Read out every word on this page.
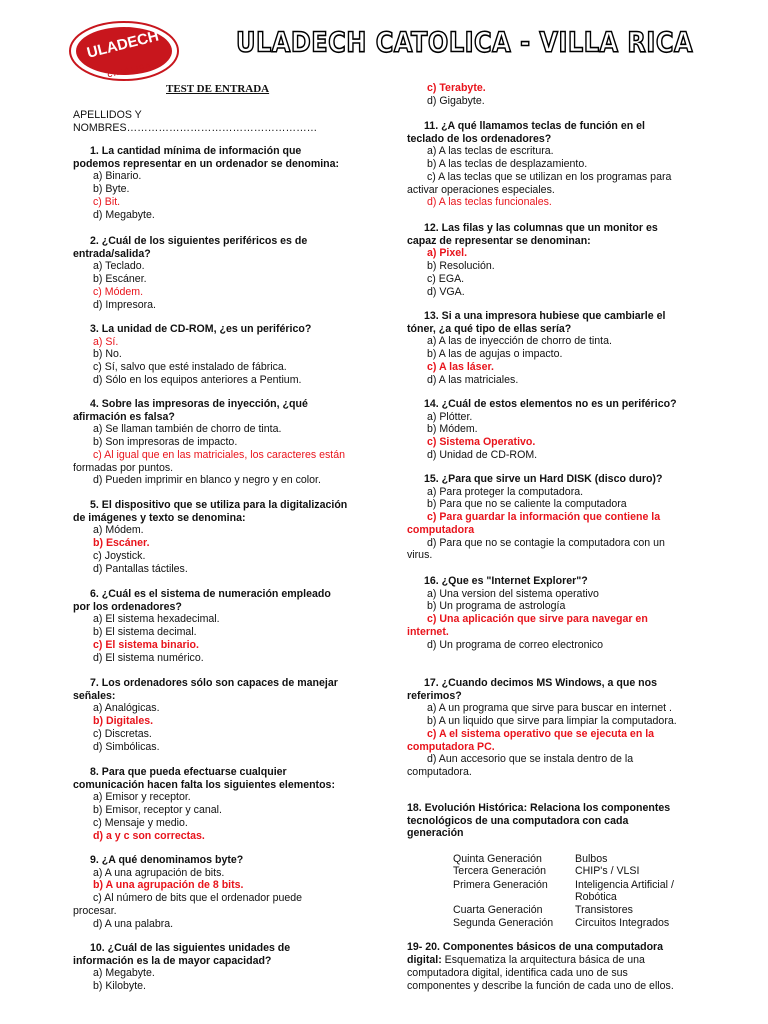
ULADECH
CATÓLICA
ULADECH CATOLICA - VILLA RICA
TEST DE ENTRADA
APELLIDOS Y
NOMBRES………………………………………………
1. La cantidad mínima de información que
podemos representar en un ordenador se denomina:
a) Binario.
b) Byte.
c) Bit.
d) Megabyte.
2. ¿Cuál de los siguientes periféricos es de
entrada/salida?
a) Teclado.
b) Escáner.
c) Módem.
d) Impresora.
3. La unidad de CD-ROM, ¿es un periférico?
a) Sí.
b) No.
c) Sí, salvo que esté instalado de fábrica.
d) Sólo en los equipos anteriores a Pentium.
4. Sobre las impresoras de inyección, ¿qué
afirmación es falsa?
a) Se llaman también de chorro de tinta.
b) Son impresoras de impacto.
c) Al igual que en las matriciales, los caracteres están
formadas por puntos.
d) Pueden imprimir en blanco y negro y en color.
5. El dispositivo que se utiliza para la digitalización
de imágenes y texto se denomina:
a) Módem.
b) Escáner.
c) Joystick.
d) Pantallas táctiles.
6. ¿Cuál es el sistema de numeración empleado
por los ordenadores?
a) El sistema hexadecimal.
b) El sistema decimal.
c) El sistema binario.
d) El sistema numérico.
7. Los ordenadores sólo son capaces de manejar
señales:
a) Analógicas.
b) Digitales.
c) Discretas.
d) Simbólicas.
8. Para que pueda efectuarse cualquier
comunicación hacen falta los siguientes elementos:
a) Emisor y receptor.
b) Emisor, receptor y canal.
c) Mensaje y medio.
d) a y c son correctas.
9. ¿A qué denominamos byte?
a) A una agrupación de bits.
b) A una agrupación de 8 bits.
c) Al número de bits que el ordenador puede
procesar.
d) A una palabra.
10. ¿Cuál de las siguientes unidades de
información es la de mayor capacidad?
a) Megabyte.
b) Kilobyte.
c) Terabyte.
d) Gigabyte.
11. ¿A qué llamamos teclas de función en el
teclado de los ordenadores?
a) A las teclas de escritura.
b) A las teclas de desplazamiento.
c) A las teclas que se utilizan en los programas para
activar operaciones especiales.
d) A las teclas funcionales.
12. Las filas y las columnas que un monitor es
capaz de representar se denominan:
a) Pixel.
b) Resolución.
c) EGA.
d) VGA.
13. Si a una impresora hubiese que cambiarle el
tóner, ¿a qué tipo de ellas sería?
a) A las de inyección de chorro de tinta.
b) A las de agujas o impacto.
c) A las láser.
d) A las matriciales.
14. ¿Cuál de estos elementos no es un periférico?
a) Plótter.
b) Módem.
c) Sistema Operativo.
d) Unidad de CD-ROM.
15. ¿Para que sirve un Hard DISK (disco duro)?
a) Para proteger la computadora.
b) Para que no se caliente la computadora
c) Para guardar la información que contiene la
computadora
d) Para que no se contagie la computadora con un
virus.
16. ¿Que es "Internet Explorer"?
a) Una version del sistema operativo
b) Un programa de astrología
c) Una aplicación que sirve para navegar en
internet.
d) Un programa de correo electronico
17. ¿Cuando decimos MS Windows, a que nos
referimos?
a) A un programa que sirve para buscar en internet .
b) A un liquido que sirve para limpiar la computadora.
c) A el sistema operativo que se ejecuta en la
computadora PC.
d) Aun accesorio que se instala dentro de la
computadora.
18. Evolución Histórica: Relaciona los componentes
tecnológicos de una computadora con cada
generación
Quinta Generación	Bulbos
Tercera Generación	CHIP's / VLSI
Primera Generación	Inteligencia Artificial /
Robótica
Cuarta Generación	Transistores
Segunda Generación Circuitos Integrados
19- 20. Componentes básicos de una computadora
digital: Esquematiza la arquitectura básica de una
computadora digital, identifica cada uno de sus
componentes y describe la función de cada uno de ellos.
